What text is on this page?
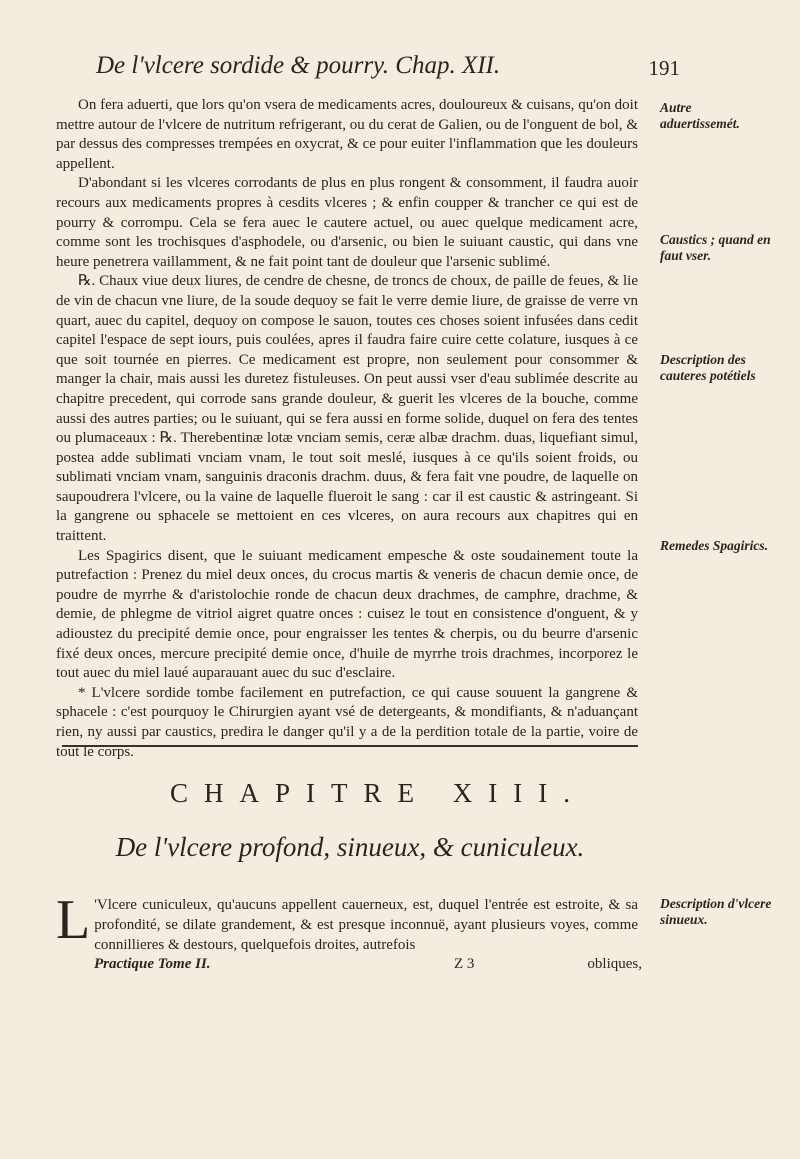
De l'vlcere sordide & pourry. Chap. XII.	191

On fera aduerti, que lors qu'on vsera de medicaments acres, douloureux & cuisans, qu'on doit mettre autour de l'vlcere de nutritum refrigerant, ou du cerat de Galien, ou de l'onguent de bol, & par dessus des compresses trempées en oxycrat, & ce pour euiter l'inflammation que les douleurs appellent.

D'abondant si les vlceres corrodants de plus en plus rongent & consomment, il faudra auoir recours aux medicaments propres à cesdits vlceres ; & enfin coupper & trancher ce qui est de pourry & corrompu. Cela se fera auec le cautere actuel, ou auec quelque medicament acre, comme sont les trochisques d'asphodele, ou d'arsenic, ou bien le suiuant caustic, qui dans vne heure penetrera vaillamment, & ne fait point tant de douleur que l'arsenic sublimé.

℞. Chaux viue deux liures, de cendre de chesne, de troncs de choux, de paille de feues, & lie de vin de chacun vne liure, de la soude dequoy se fait le verre demie liure, de graisse de verre vn quart, auec du capitel, dequoy on compose le sauon, toutes ces choses soient infusées dans cedit capitel l'espace de sept iours, puis coulées, apres il faudra faire cuire cette colature, iusques à ce que soit tournée en pierres. Ce medicament est propre, non seulement pour consommer & manger la chair, mais aussi les duretez fistuleuses. On peut aussi vser d'eau sublimée descrite au chapitre precedent, qui corrode sans grande douleur, & guerit les vlceres de la bouche, comme aussi des autres parties; ou le suiuant, qui se fera aussi en forme solide, duquel on fera des tentes ou plumaceaux : ℞. Therebentinæ lotæ vnciam semis, ceræ albæ drachm. duas, liquefiant simul, postea adde sublimati vnciam vnam, le tout soit meslé, iusques à ce qu'ils soient froids, ou sublimati vnciam vnam, sanguinis draconis drachm. duus, & fera fait vne poudre, de laquelle on saupoudrera l'vlcere, ou la vaine de laquelle flueroit le sang : car il est caustic & astringeant. Si la gangrene ou sphacele se mettoient en ces vlceres, on aura recours aux chapitres qui en traittent.

Les Spagirics disent, que le suiuant medicament empesche & oste soudainement toute la putrefaction : Prenez du miel deux onces, du crocus martis & veneris de chacun demie once, de poudre de myrrhe & d'aristolochie ronde de chacun deux drachmes, de camphre, drachme, & demie, de phlegme de vitriol aigret quatre onces : cuisez le tout en consistence d'onguent, & y adioustez du precipité demie once, pour engraisser les tentes & cherpis, ou du beurre d'arsenic fixé deux onces, mercure precipité demie once, d'huile de myrrhe trois drachmes, incorporez le tout auec du miel laué auparauant auec du suc d'esclaire.

* L'vlcere sordide tombe facilement en putrefaction, ce qui cause souuent la gangrene & sphacele : c'est pourquoy le Chirurgien ayant vsé de detergeants, & mondifiants, & n'aduançant rien, ny aussi par caustics, predira le danger qu'il y a de la perdition totale de la partie, voire de tout le corps.

CHAPITRE XIII.
De l'vlcere profond, sinueux, & cuniculeux.

L 'Vlcere cuniculeux, qu'aucuns appellent cauerneux, est, duquel l'entrée est estroite, & sa profondité, se dilate grandement, & est presque inconnuë, ayant plusieurs voyes, comme connillieres & destours, quelquefois droites, autrefois

Practique Tome II.	Z 3	obliques,
Autre aduertissemét.
Caustics ; quand en faut vser.
Description des cauteres potétiels
Remedes Spagirics.
Description d'vlcere sinueux.
